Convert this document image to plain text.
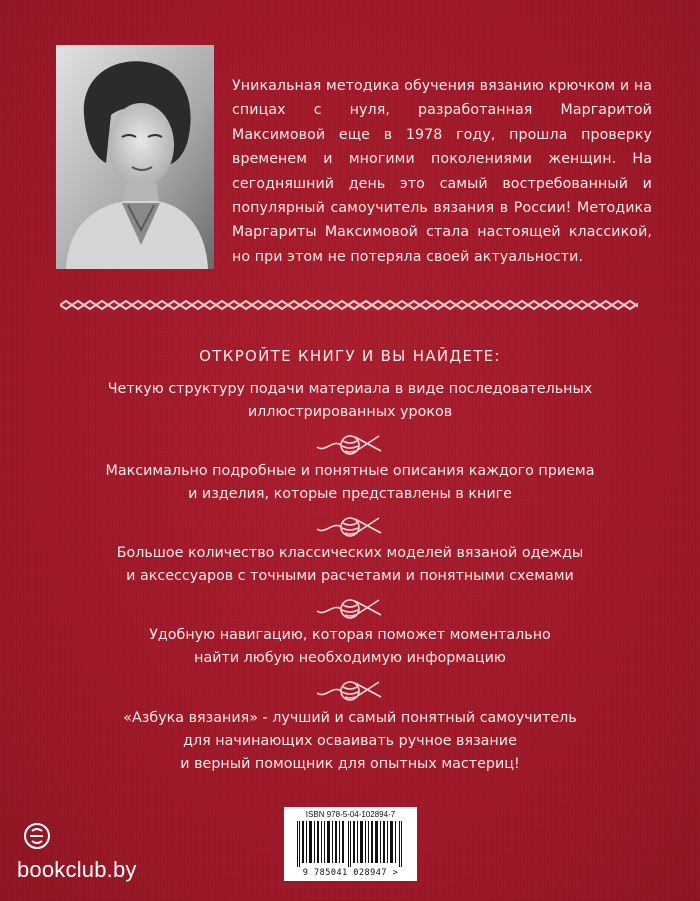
Уникальная методика обучения вязанию крючком и на спицах с нуля, разработанная Маргаритой Максимовой еще в 1978 году, прошла проверку временем и многими поколениями женщин. На сегодняшний день это самый востребованный и популярный самоучитель вязания в России! Методика Маргариты Максимовой стала настоящей классикой, но при этом не потеряла своей актуальности.
ОТКРОЙТЕ КНИГУ И ВЫ НАЙДЕТЕ:
Четкую структуру подачи материала в виде последовательных
иллюстрированных уроков
Максимально подробные и понятные описания каждого приема
и изделия, которые представлены в книге
Большое количество классических моделей вязаной одежды
и аксессуаров с точными расчетами и понятными схемами
Удобную навигацию, которая поможет моментально
найти любую необходимую информацию
«Азбука вязания» - лучший и самый понятный самоучитель
для начинающих осваивать ручное вязание
и верный помощник для опытных мастериц!
ISBN 978-5-04-102894-7
9 785041 028947 >
bookclub.by
